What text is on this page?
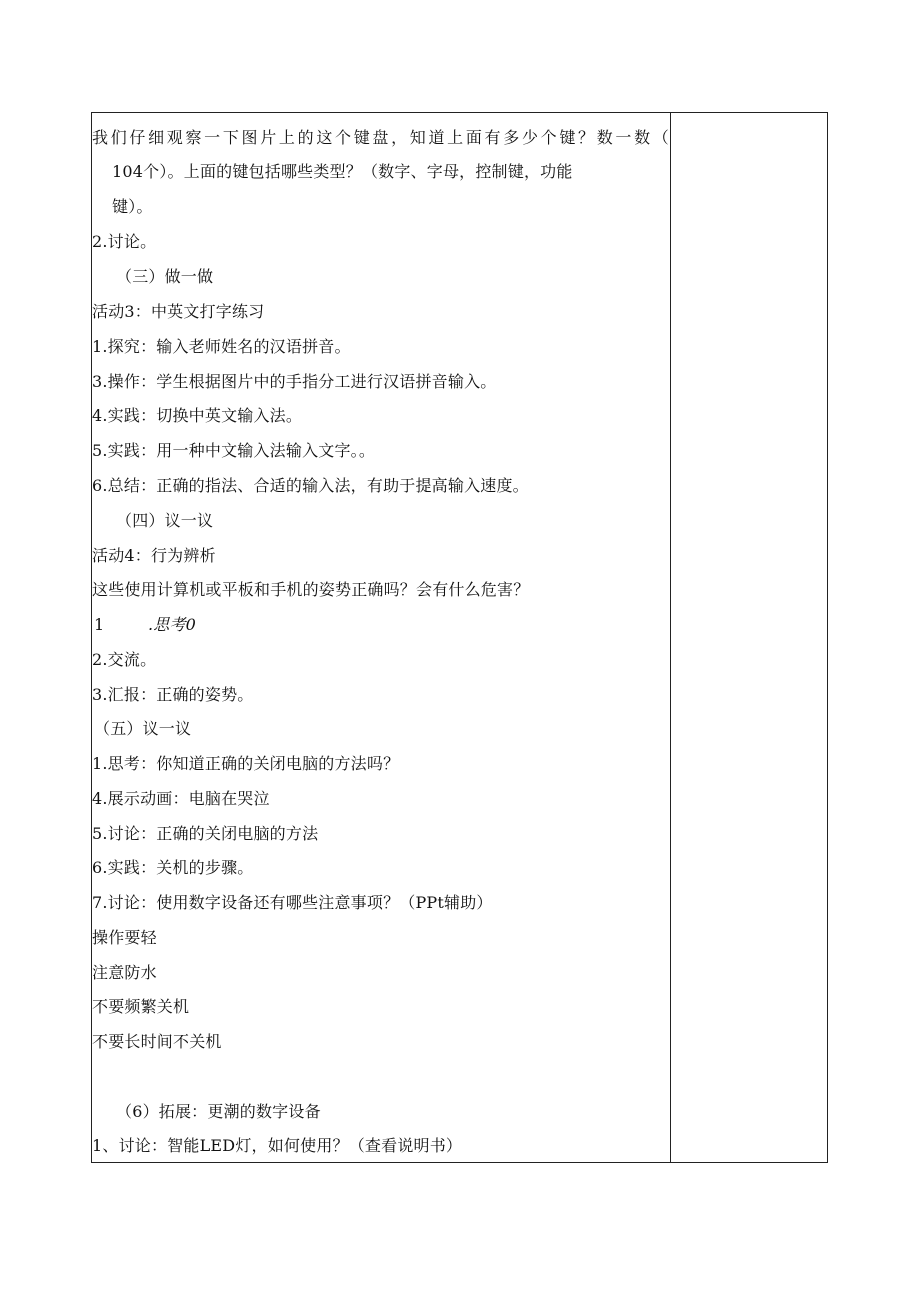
我们仔细观察一下图片上的这个键盘，知道上面有多少个键？数一数（
104个）。上面的键包括哪些类型？（数字、字母，控制键，功能
键）。
2.讨论。
（三）做一做
活动3：中英文打字练习
1.探究：输入老师姓名的汉语拼音。
3.操作：学生根据图片中的手指分工进行汉语拼音输入。
4.实践：切换中英文输入法。
5.实践：用一种中文输入法输入文字。。
6.总结：正确的指法、合适的输入法，有助于提高输入速度。
（四）议一议
活动4：行为辨析
这些使用计算机或平板和手机的姿势正确吗？会有什么危害？
1	.思考0
2.交流。
3.汇报：正确的姿势。
（五）议一议
1.思考：你知道正确的关闭电脑的方法吗？
4.展示动画：电脑在哭泣
5.讨论：正确的关闭电脑的方法
6.实践：关机的步骤。
7.讨论：使用数字设备还有哪些注意事项？（PPt辅助）
操作要轻
注意防水
不要频繁关机
不要长时间不关机
（6）拓展：更潮的数字设备
1、讨论：智能LED灯，如何使用？（查看说明书）
